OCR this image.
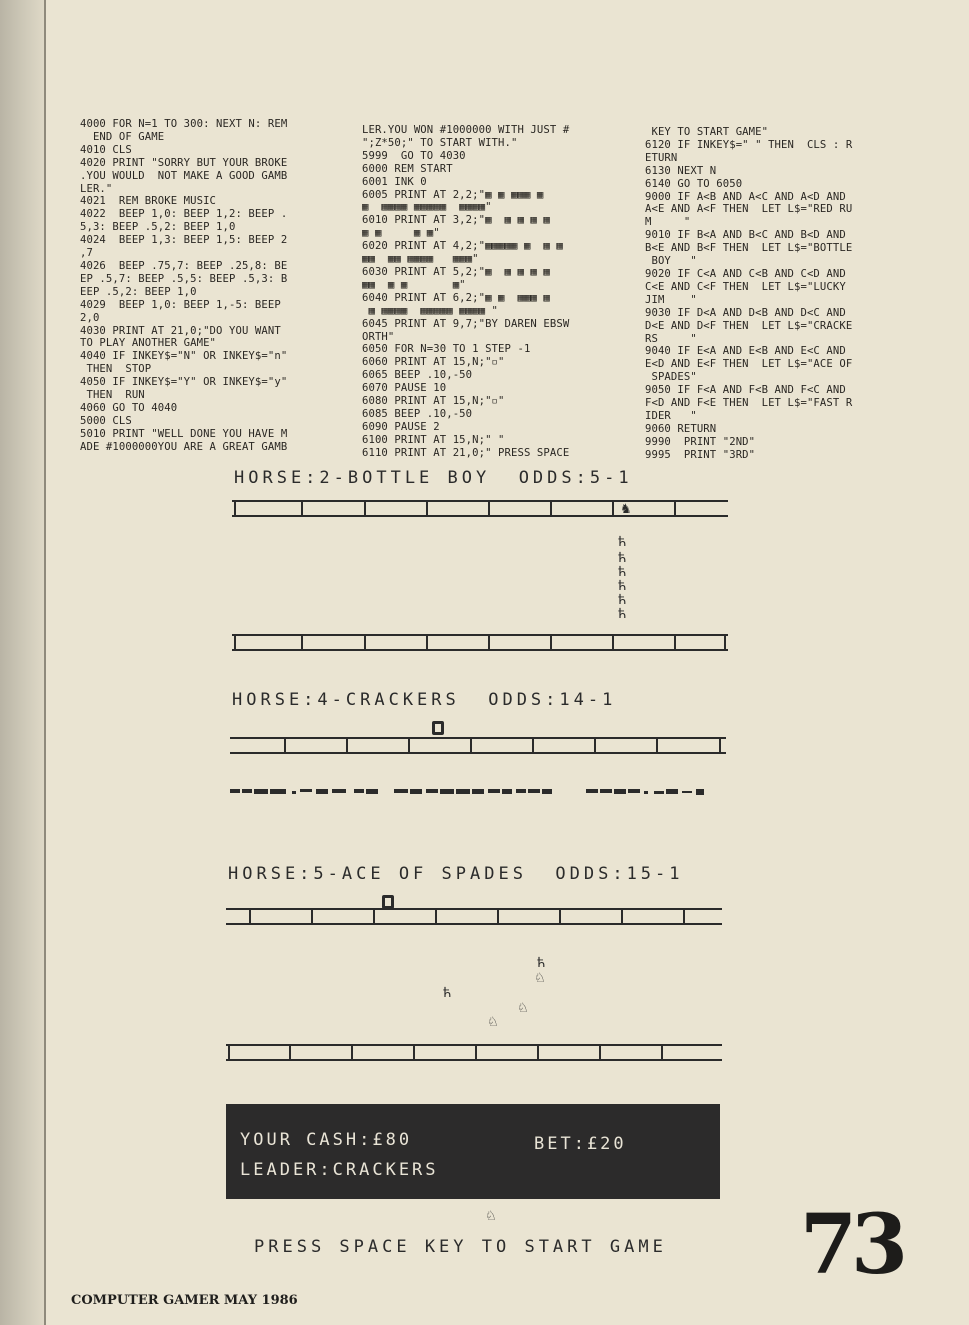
4000 FOR N=1 TO 300: NEXT N: REM
END OF GAME
4010 CLS
4020 PRINT "SORRY BUT YOUR BROKE
.YOU WOULD  NOT MAKE A GOOD GAMB
LER."
4021  REM BROKE MUSIC
4022  BEEP 1,0: BEEP 1,2: BEEP .
5,3: BEEP .5,2: BEEP 1,0
4024  BEEP 1,3: BEEP 1,5: BEEP 2
,7
4026  BEEP .75,7: BEEP .25,8: BE
EP .5,7: BEEP .5,5: BEEP .5,3: B
EEP .5,2: BEEP 1,0
4029  BEEP 1,0: BEEP 1,-5: BEEP
2,0
4030 PRINT AT 21,0;"DO YOU WANT
TO PLAY ANOTHER GAME"
4040 IF INKEY$="N" OR INKEY$="n"
THEN  STOP
4050 IF INKEY$="Y" OR INKEY$="y"
THEN  RUN
4060 GO TO 4040
5000 CLS
5010 PRINT "WELL DONE YOU HAVE M
ADE #1000000YOU ARE A GREAT GAMB
LER.YOU WON #1000000 WITH JUST #
";Z*50;" TO START WITH."
5999  GO TO 4030
6000 REM START
6001 INK 0
6005 PRINT AT 2,2;"▦ ▦ ▦▦▦ ▦
▦  ▦▦▦▦ ▦▦▦▦▦  ▦▦▦▦"
6010 PRINT AT 3,2;"▦  ▦ ▦ ▦ ▦
▦ ▦     ▦ ▦"
6020 PRINT AT 4,2;"▦▦▦▦▦ ▦  ▦ ▦
▦▦  ▦▦ ▦▦▦▦   ▦▦▦"
6030 PRINT AT 5,2;"▦  ▦ ▦ ▦ ▦
▦▦  ▦ ▦       ▦"
6040 PRINT AT 6,2;"▦ ▦  ▦▦▦ ▦
▦ ▦▦▦▦  ▦▦▦▦▦ ▦▦▦▦ "
6045 PRINT AT 9,7;"BY DAREN EBSW
ORTH"
6050 FOR N=30 TO 1 STEP -1
6060 PRINT AT 15,N;"▫"
6065 BEEP .10,-50
6070 PAUSE 10
6080 PRINT AT 15,N;"▫"
6085 BEEP .10,-50
6090 PAUSE 2
6100 PRINT AT 15,N;" "
6110 PRINT AT 21,0;" PRESS SPACE
KEY TO START GAME"
6120 IF INKEY$=" " THEN  CLS : R
ETURN
6130 NEXT N
6140 GO TO 6050
9000 IF A<B AND A<C AND A<D AND
A<E AND A<F THEN  LET L$="RED RU
M     "
9010 IF B<A AND B<C AND B<D AND
B<E AND B<F THEN  LET L$="BOTTLE
BOY   "
9020 IF C<A AND C<B AND C<D AND
C<E AND C<F THEN  LET L$="LUCKY
JIM    "
9030 IF D<A AND D<B AND D<C AND
D<E AND D<F THEN  LET L$="CRACKE
RS     "
9040 IF E<A AND E<B AND E<C AND
E<D AND E<F THEN  LET L$="ACE OF
SPADES"
9050 IF F<A AND F<B AND F<C AND
F<D AND F<E THEN  LET L$="FAST R
IDER   "
9060 RETURN
9990  PRINT "2ND"
9995  PRINT "3RD"
HORSE:2-BOTTLE BOY  ODDS:5-1
♞
ћ
ћ
ћ
ћ
ћ
ћ
HORSE:4-CRACKERS  ODDS:14-1
HORSE:5-ACE OF SPADES  ODDS:15-1
ћ
♘
ћ
♘
♘
YOUR CASH:£80	BET:£20
LEADER:CRACKERS
♘
PRESS SPACE KEY TO START GAME 73
COMPUTER GAMER MAY 1986
